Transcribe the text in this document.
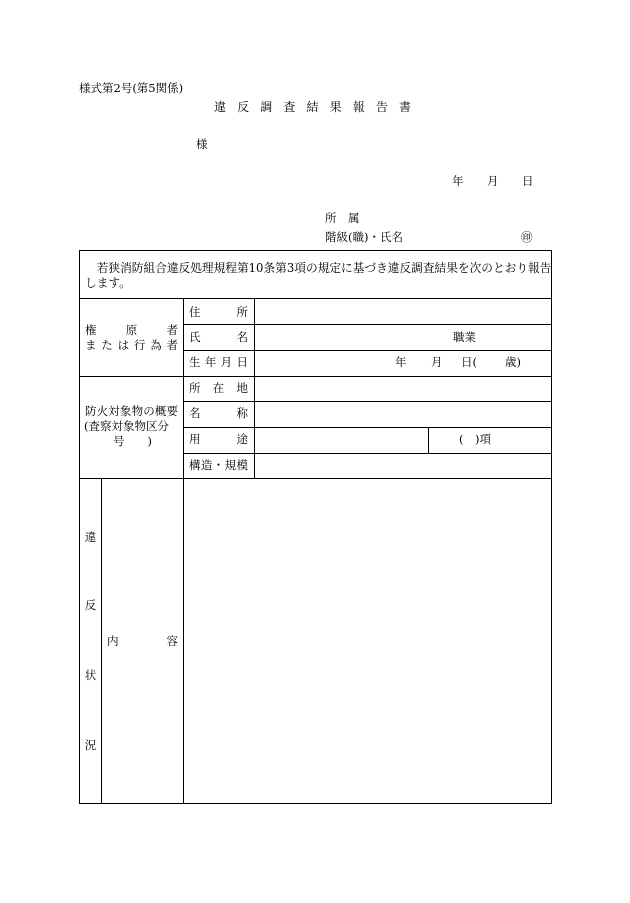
様式第2号(第5関係)
違 反 調 査 結 果 報 告 書
様
年 月 日
所　属
階級(職)・氏名	㊞
　若狭消防組合違反処理規程第10条第3項の規定に基づき違反調査結果を次のとおり報告
します。
権　　原　　者
ま た は 行 為 者
住　　所
氏　　名	職業
生 年 月 日	年 月 日( 歳)
防火対象物の概要
(査察対象物区分
号　　)
所 在 地
名　　称
用　　途	(　)項
構造・規模
違
反
状
況
内　　　　容
